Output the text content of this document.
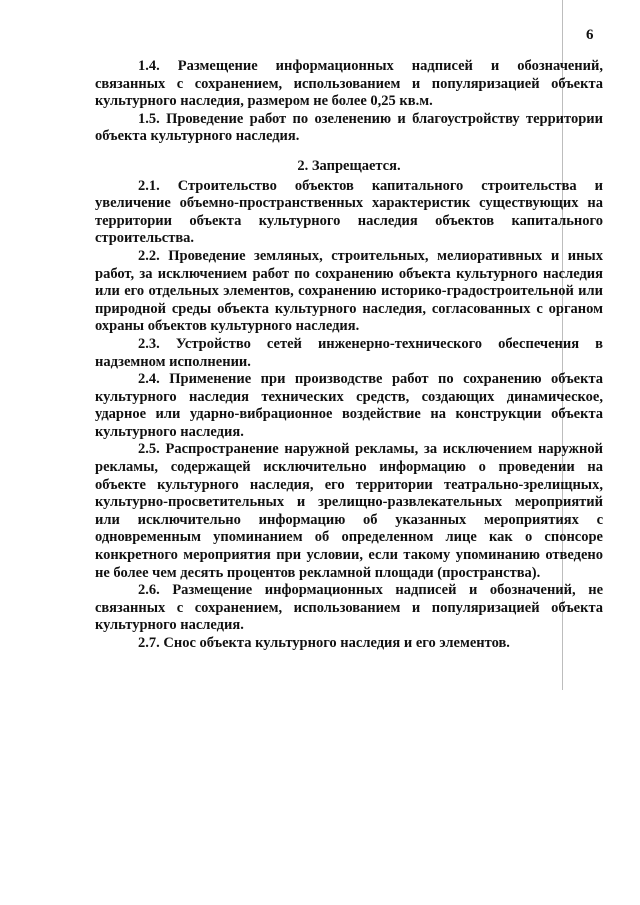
6

1.4. Размещение информационных надписей и обозначений, связанных с сохранением, использованием и популяризацией объекта культурного наследия, размером не более 0,25 кв.м.

1.5. Проведение работ по озеленению и благоустройству территории объекта культурного наследия.

2. Запрещается.

2.1. Строительство объектов капитального строительства и увеличение объемно-пространственных характеристик существующих на территории объекта культурного наследия объектов капитального строительства.

2.2. Проведение земляных, строительных, мелиоративных и иных работ, за исключением работ по сохранению объекта культурного наследия или его отдельных элементов, сохранению историко-градостроительной или природной среды объекта культурного наследия, согласованных с органом охраны объектов культурного наследия.

2.3. Устройство сетей инженерно-технического обеспечения в надземном исполнении.

2.4. Применение при производстве работ по сохранению объекта культурного наследия технических средств, создающих динамическое, ударное или ударно-вибрационное воздействие на конструкции объекта культурного наследия.

2.5. Распространение наружной рекламы, за исключением наружной рекламы, содержащей исключительно информацию о проведении на объекте культурного наследия, его территории театрально-зрелищных, культурно-просветительных и зрелищно-развлекательных мероприятий или исключительно информацию об указанных мероприятиях с одновременным упоминанием об определенном лице как о спонсоре конкретного мероприятия при условии, если такому упоминанию отведено не более чем десять процентов рекламной площади (пространства).

2.6. Размещение информационных надписей и обозначений, не связанных с сохранением, использованием и популяризацией объекта культурного наследия.

2.7. Снос объекта культурного наследия и его элементов.
